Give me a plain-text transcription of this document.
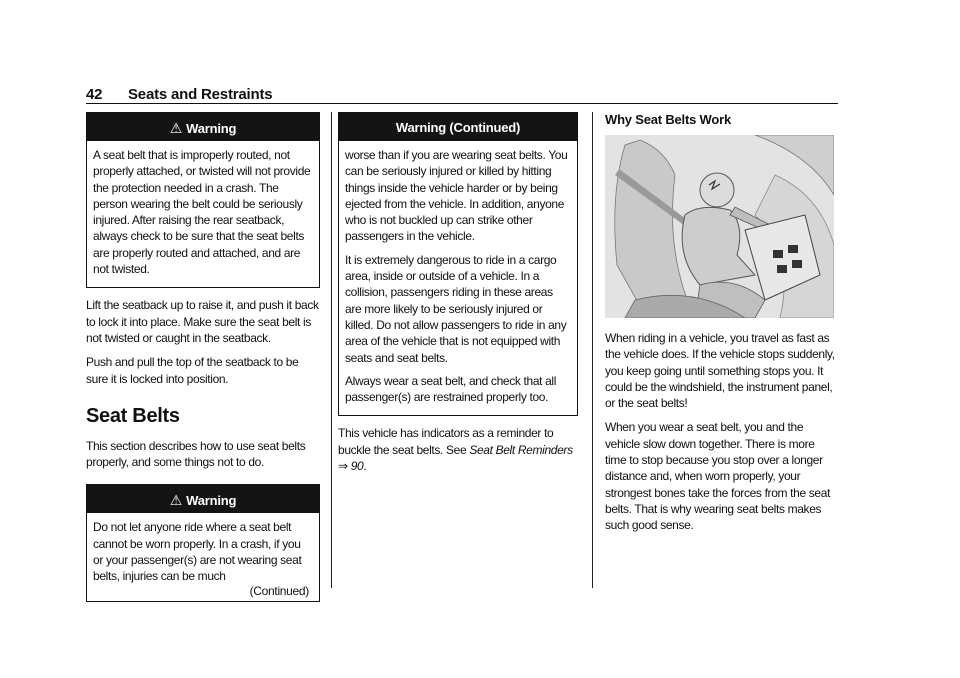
42 Seats and Restraints
⚠ Warning

A seat belt that is improperly routed, not properly attached, or twisted will not provide the protection needed in a crash. The person wearing the belt could be seriously injured. After raising the rear seatback, always check to be sure that the seat belts are properly routed and attached, and are not twisted.

Lift the seatback up to raise it, and push it back to lock it into place. Make sure the seat belt is not twisted or caught in the seatback.

Push and pull the top of the seatback to be sure it is locked into position.

Seat Belts

This section describes how to use seat belts properly, and some things not to do.

⚠ Warning

Do not let anyone ride where a seat belt cannot be worn properly. In a crash, if you or your passenger(s) are not wearing seat belts, injuries can be much

(Continued)
Warning (Continued)

worse than if you are wearing seat belts. You can be seriously injured or killed by hitting things inside the vehicle harder or by being ejected from the vehicle. In addition, anyone who is not buckled up can strike other passengers in the vehicle.

It is extremely dangerous to ride in a cargo area, inside or outside of a vehicle. In a collision, passengers riding in these areas are more likely to be seriously injured or killed. Do not allow passengers to ride in any area of the vehicle that is not equipped with seats and seat belts.

Always wear a seat belt, and check that all passenger(s) are restrained properly too.

This vehicle has indicators as a reminder to buckle the seat belts. See Seat Belt Reminders ⇒ 90.

Why Seat Belts Work

When riding in a vehicle, you travel as fast as the vehicle does. If the vehicle stops suddenly, you keep going until something stops you. It could be the windshield, the instrument panel, or the seat belts!

When you wear a seat belt, you and the vehicle slow down together. There is more time to stop because you stop over a longer distance and, when worn properly, your strongest bones take the forces from the seat belts. That is why wearing seat belts makes such good sense.
